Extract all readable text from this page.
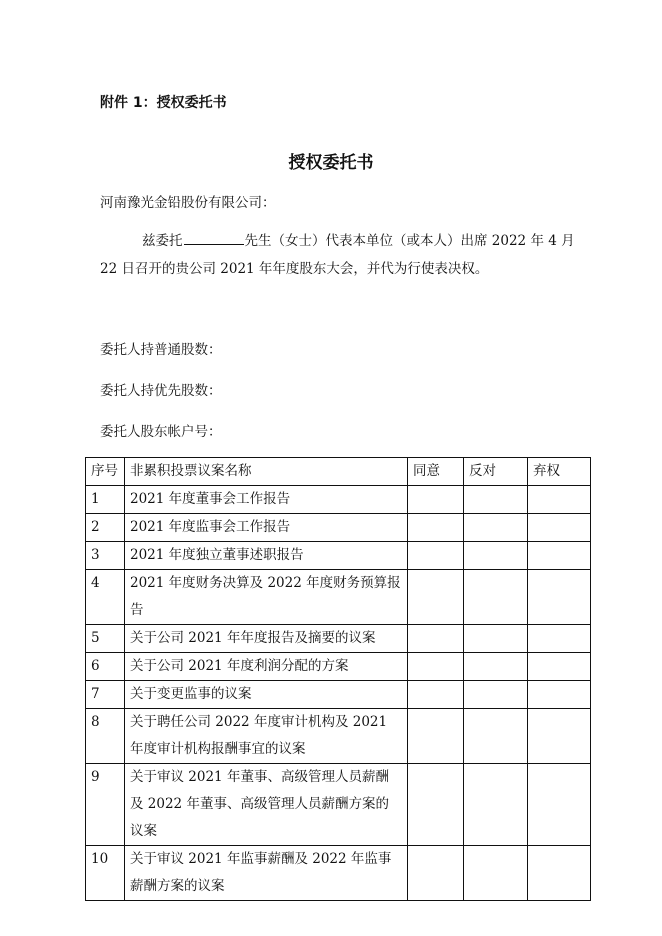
附件 1：授权委托书
授权委托书
河南豫光金铅股份有限公司：
兹委托	先生（女士）代表本单位（或本人）出席 2022 年 4 月
22 日召开的贵公司 2021 年年度股东大会，并代为行使表决权。
委托人持普通股数：
委托人持优先股数：
委托人股东帐户号：
序号	非累积投票议案名称	同意	反对	弃权
1	2021 年度董事会工作报告			
2	2021 年度监事会工作报告			
3	2021 年度独立董事述职报告			
4	2021 年度财务决算及 2022 年度财务预算报告			
5	关于公司 2021 年年度报告及摘要的议案			
6	关于公司 2021 年度利润分配的方案			
7	关于变更监事的议案			
8	关于聘任公司 2022 年度审计机构及 2021 年度审计机构报酬事宜的议案			
9	关于审议 2021 年董事、高级管理人员薪酬及 2022 年董事、高级管理人员薪酬方案的议案			
10	关于审议 2021 年监事薪酬及 2022 年监事薪酬方案的议案			
